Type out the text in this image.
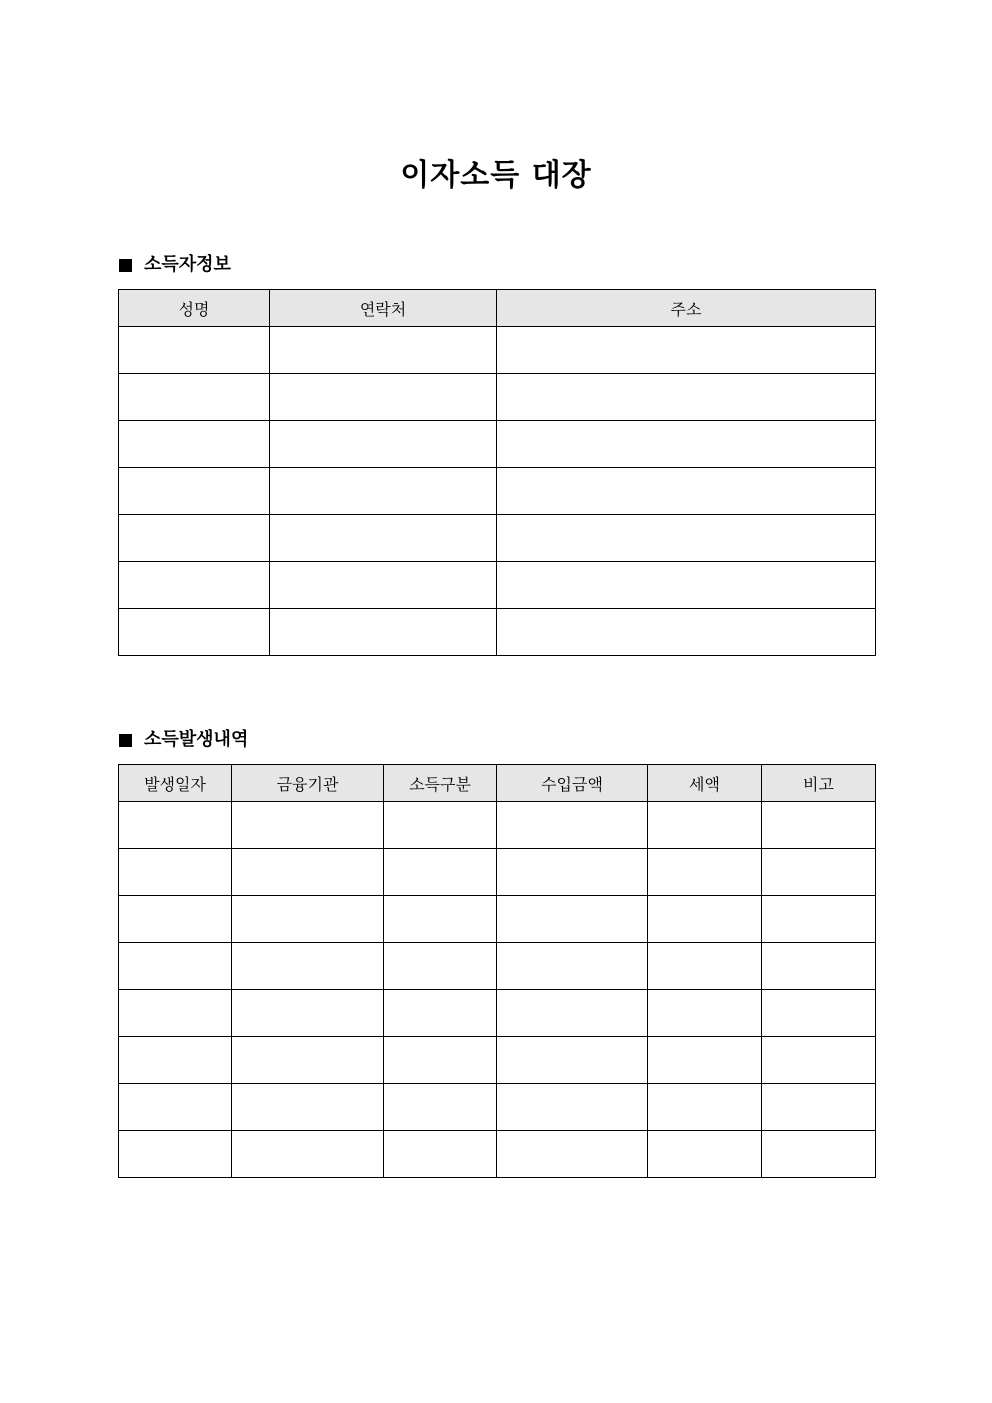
이자소득 대장
소득자정보
성명	연락처	주소

소득발생내역
발생일자	금융기관	소득구분	수입금액	세액	비고
